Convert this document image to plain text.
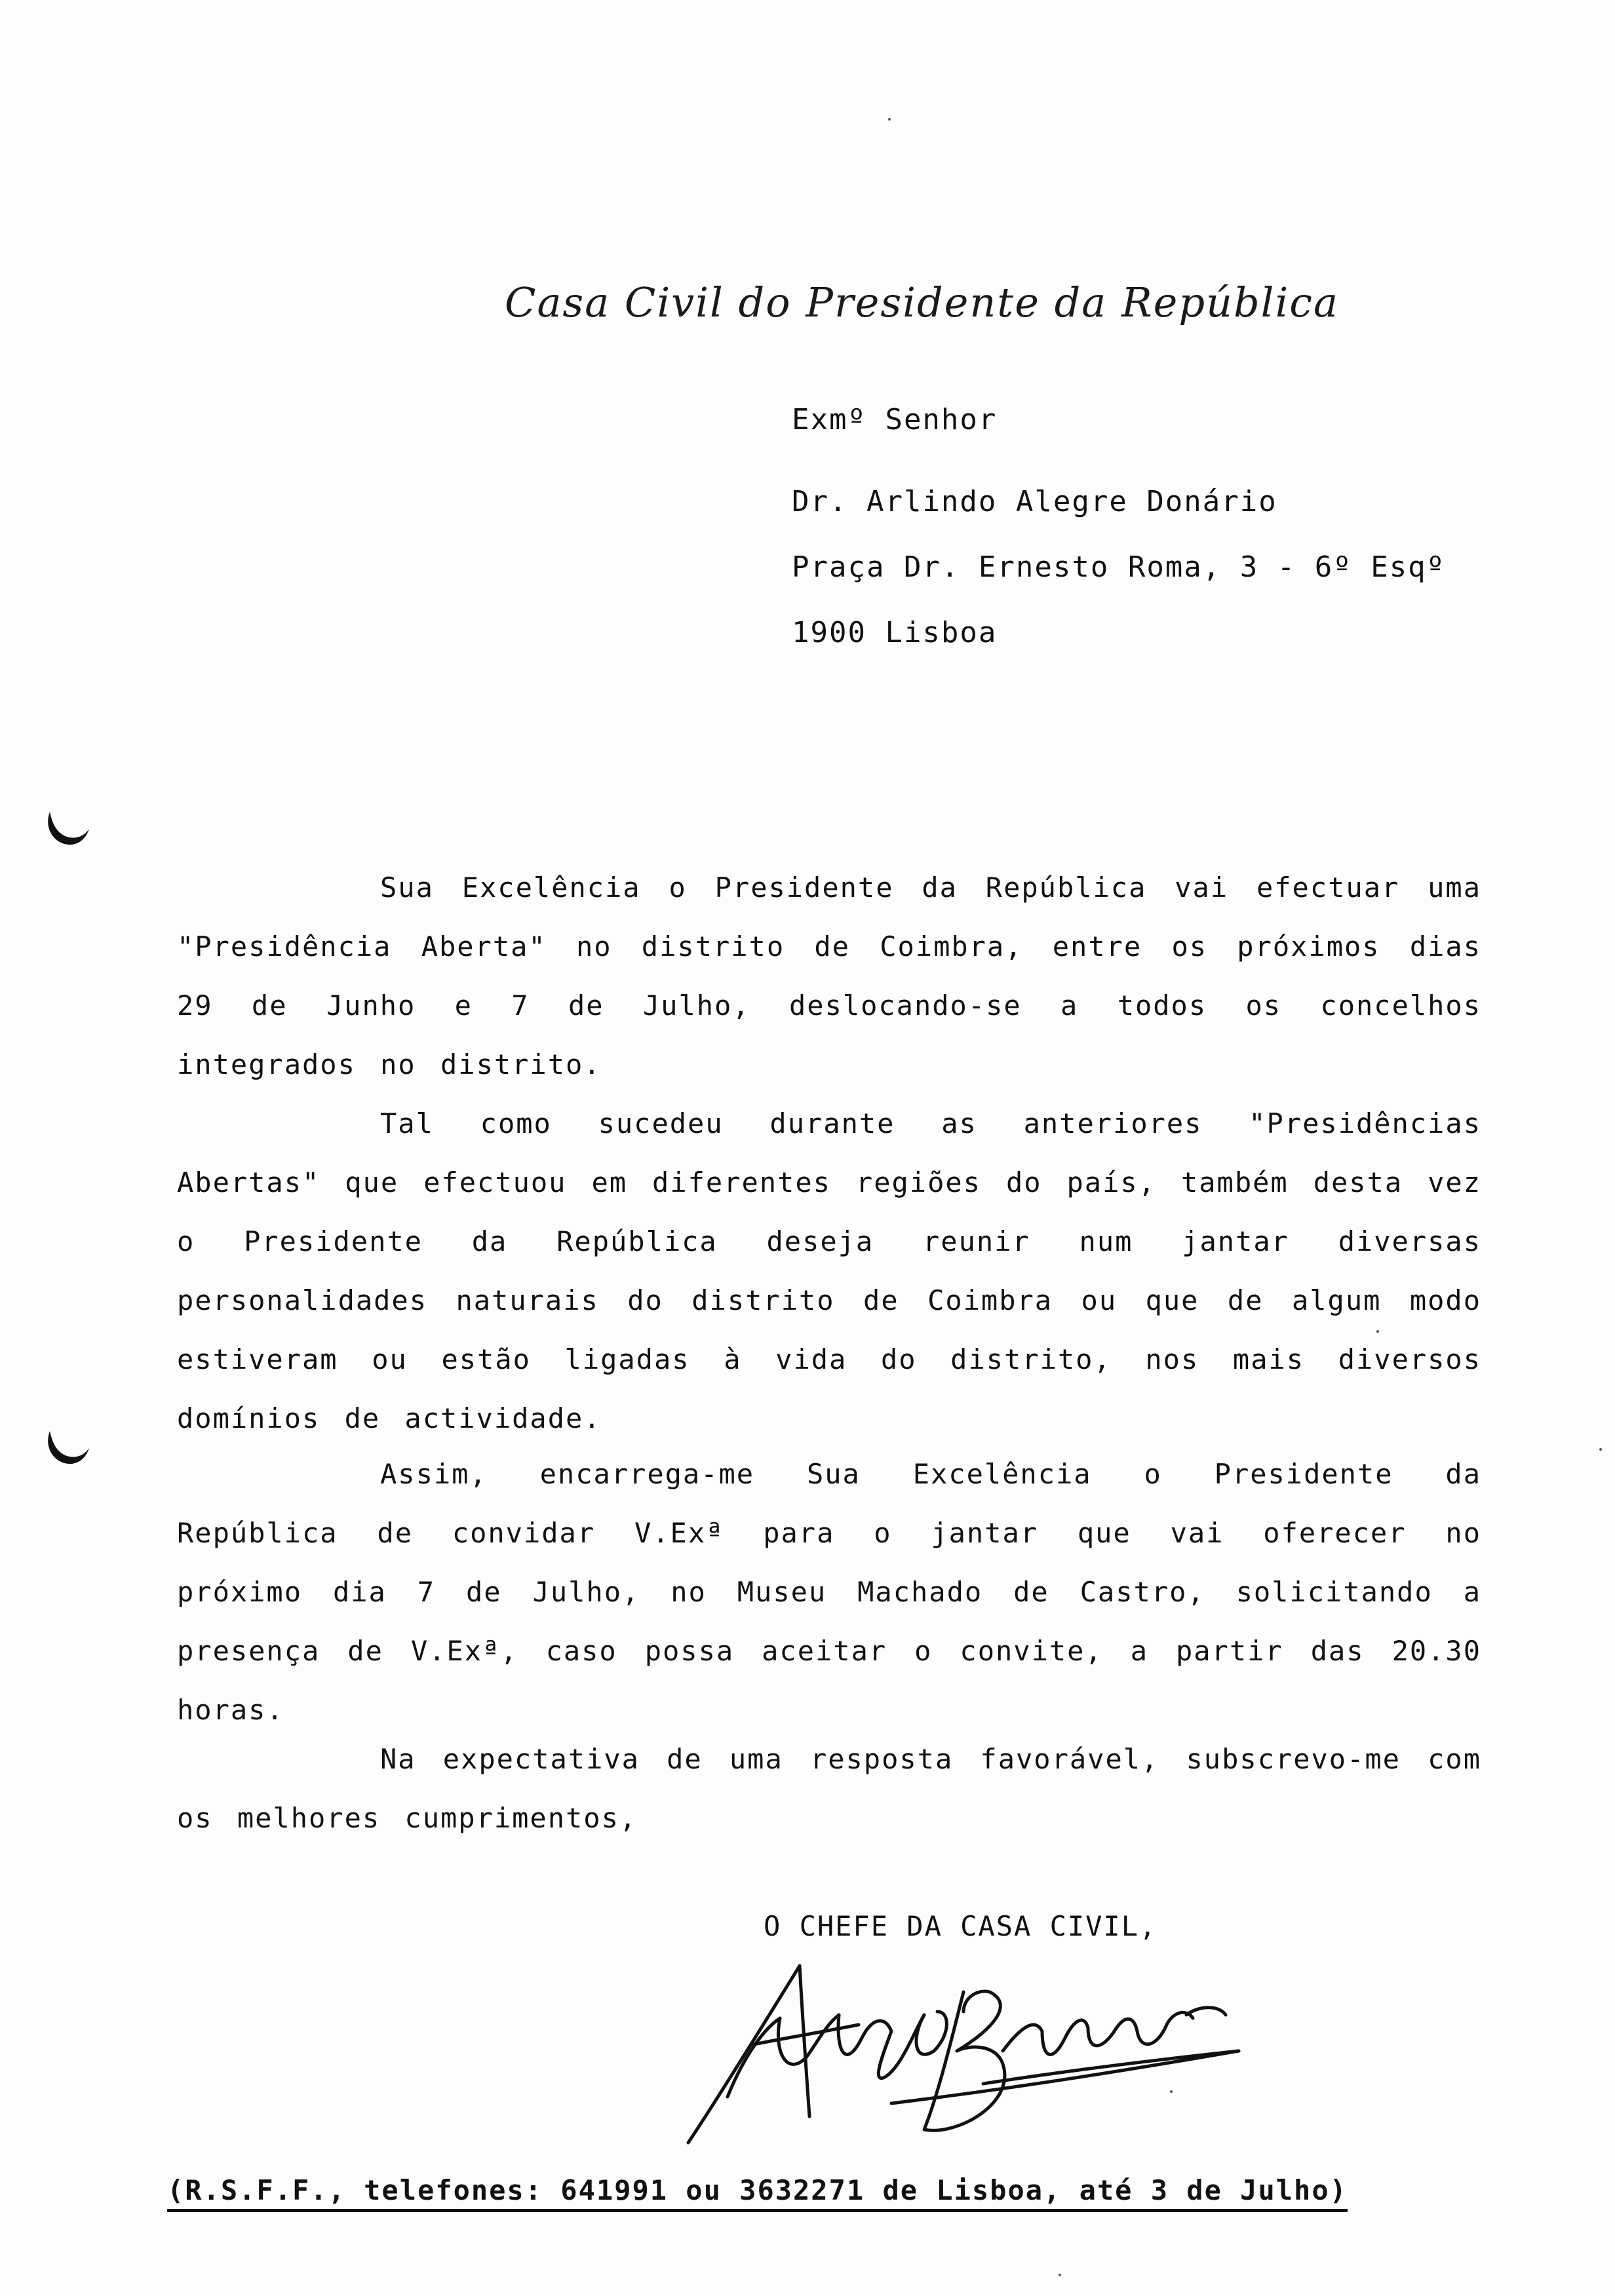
Casa Civil do Presidente da República
Exmº Senhor
Dr. Arlindo Alegre Donário
Praça Dr. Ernesto Roma, 3 - 6º Esqº
1900 Lisboa
Sua Excelência o Presidente da República vai efectuar uma "Presidência Aberta" no distrito de Coimbra, entre os próximos dias 29 de Junho e 7 de Julho, deslocando-se a todos os concelhos integrados no distrito.
Tal como sucedeu durante as anteriores "Presidências Abertas" que efectuou em diferentes regiões do país, também desta vez o Presidente da República deseja reunir num jantar diversas personalidades naturais do distrito de Coimbra ou que de algum modo estiveram ou estão ligadas à vida do distrito, nos mais diversos domínios de actividade.
Assim, encarrega-me Sua Excelência o Presidente da República de convidar V.Exª para o jantar que vai oferecer no próximo dia 7 de Julho, no Museu Machado de Castro, solicitando a presença de V.Exª, caso possa aceitar o convite, a partir das 20.30 horas.
Na expectativa de uma resposta favorável, subscrevo-me com os melhores cumprimentos,
O CHEFE DA CASA CIVIL,
(R.S.F.F., telefones: 641991 ou 3632271 de Lisboa, até 3 de Julho)
